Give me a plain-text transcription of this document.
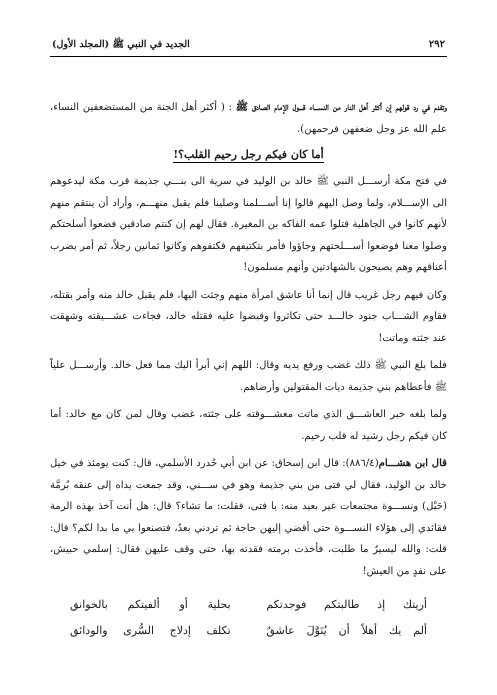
٢٩٢
الجديد في النبي ﷺ (المجلد الأول)

وتقدم في رد قولهم إن أكثر أهل النار من النســـاء قـــول الإمام الصادق ﷺ : ( أكثر أهل الجنة من المستضعفين النساء، علم الله عز وجل ضعفهن فرحمهن).

أما كان فيكم رجل رحيم القلب؟!

في فتح مكة أرســـل النبي ﷺ خالد بن الوليد في سرية الى بنـــي جذيمة قرب مكة ليدعوهم الى الإســـلام، ولما وصل اليهم قالوا إنا أســـلمنا وصلينا فلم يقبل منهـــم، وأراد أن ينتقم منهم لأنهم كانوا في الجاهلية قتلوا عمه الفاكه بن المغيرة. فقال لهم إن كنتم صادقين فضعوا أسلحتكم وصلوا معنا فوضعوا أســـلحتهم وجاؤوا فأمر بتكتيفهم فكتفوهم وكانوا ثمانين رجلاً، ثم أمر بضرب أعناقهم وهم يصيحون بالشهادتين وأنهم مسلمون!

وكان فيهم رجل غريب قال إنما أنا عاشق امرأة منهم وجئت اليها، فلم يقبل خالد منه وأمر بقتله، فقاوم الشـــاب جنود خالـــد حتى تكاثروا وقبضوا عليه فقتله خالد، فجاءت عشـــيقته وشهقت عند جثته وماتت!

فلما بلغ النبي ﷺ ذلك غضب ورفع يديه وقال: اللهم إني أبرأ اليك مما فعل خالد. وأرســـل علياً ﷺ فأعطاهم بني جذيمة ديات المقتولين وأرضاهم.

ولما بلغه خبر العاشـــق الذي ماتت معشـــوقته على جثته، غضب وقال لمن كان مع خالد: أما كان فيكم رجل رشيد له قلب رحيم.

قال ابن هشـــام(٨٨٦/٤): قال ابن إسحاق: عن ابن أبي حُدرد الأسلمي، قال: كنت يومئذ في خيل خالد بن الوليد، فقال لي فتى من بني جذيمة وهو في ســـني، وقد جمعت يداه إلى عنقه بُرمَّة (حَبْل) ونســـوة مجتمعات غير بعيد منه: يا فتى، فقلت: ما تشاء؟ قال: هل أنت آخذ بهذه الرمة فقائدي إلى هؤلاء النســـوة حتى أقضي إليهن حاجة ثم تردني بعدُ، فتصنعوا بي ما بدا لكم؟ قال: قلت: والله ليسيرٌ ما طلبت، فأخذت برمته فقدته بها، حتى وقف عليهن فقال: إسلمي حبيش، على نفدٍ من العيش!

أريتك إذ طالبتكم فوجدتكم
بحلية أو ألفيتكم بالخوانق
ألم يك أهلاً أن يُنَوَّلَ عاشقٌ
تكلف إدلاج السُّرى والودائق
